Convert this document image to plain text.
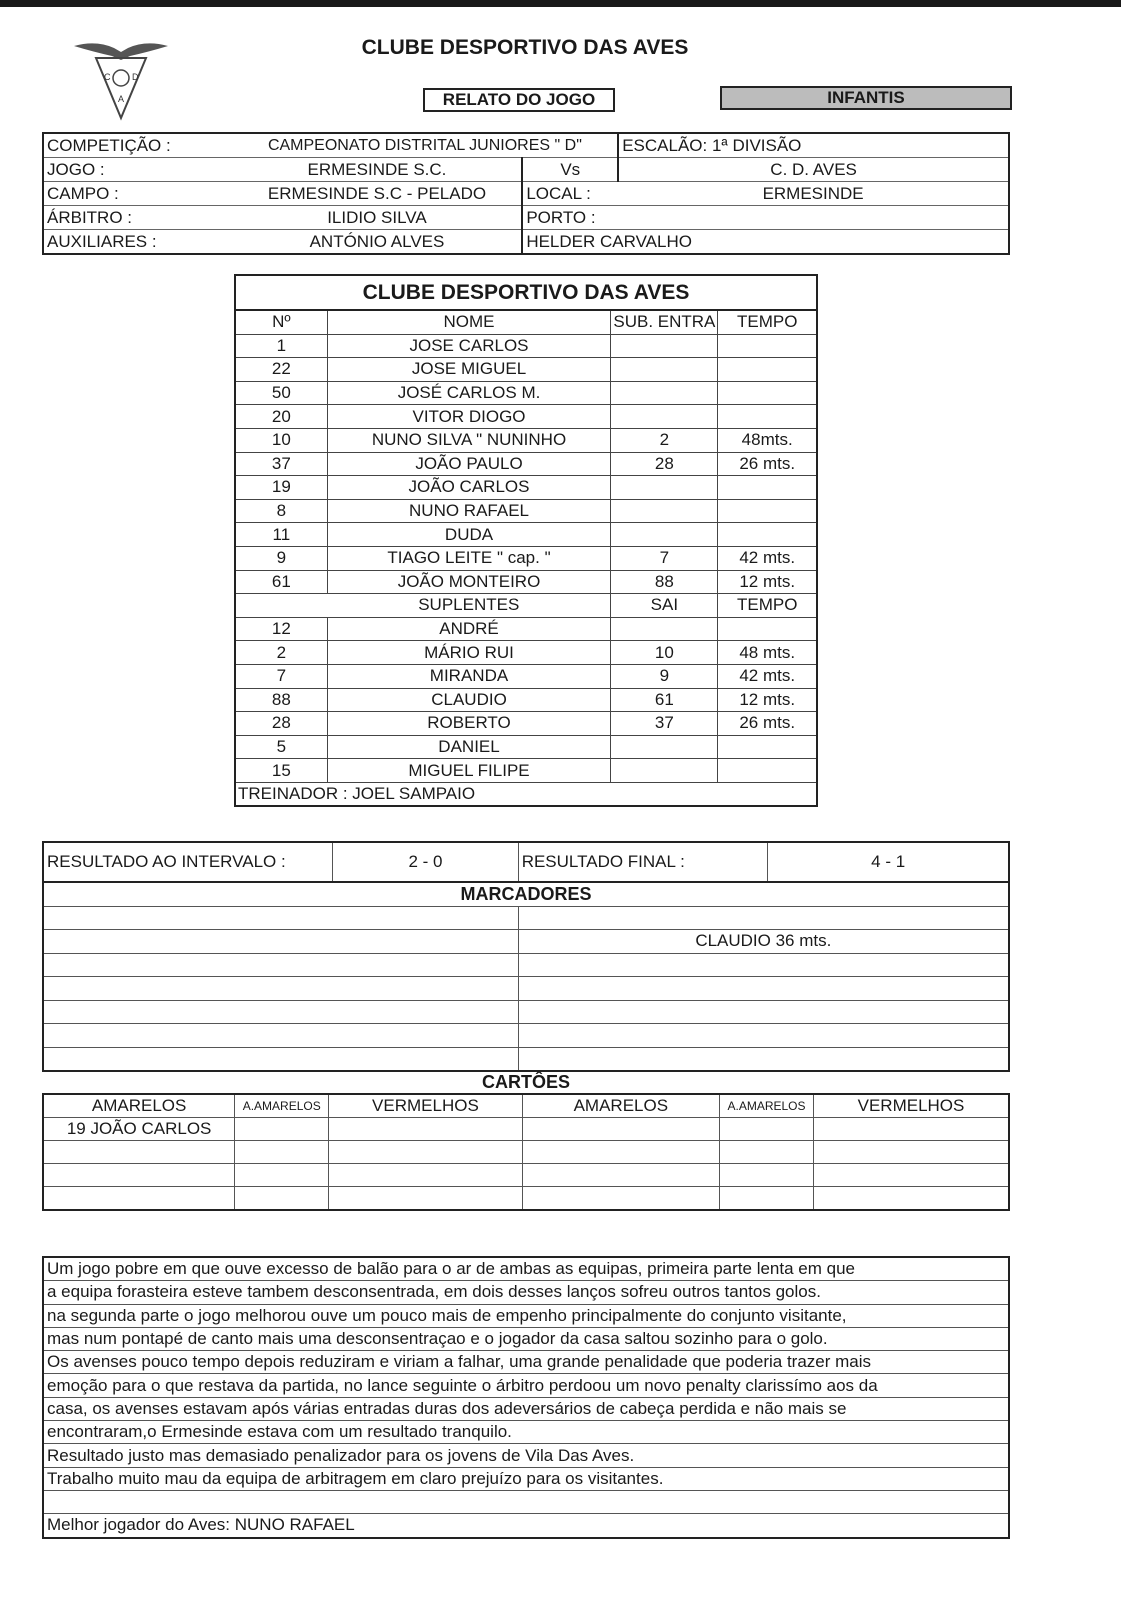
C D
A
CLUBE DESPORTIVO DAS AVES
RELATO DO JOGO	INFANTIS
COMPETIÇÃO :	CAMPEONATO DISTRITAL JUNIORES " D"		ESCALÃO: 1ª DIVISÃO
JOGO :	ERMESINDE S.C.	Vs	C. D. AVES
CAMPO :	ERMESINDE S.C - PELADO	LOCAL :	ERMESINDE
ÁRBITRO :	ILIDIO SILVA	PORTO :	
AUXILIARES :	ANTÓNIO ALVES	HELDER CARVALHO	
CLUBE DESPORTIVO DAS AVES			
Nº	NOME	SUB. ENTRA	TEMPO
1	JOSE CARLOS		
22	JOSE MIGUEL		
50	JOSÉ CARLOS M.		
20	VITOR DIOGO		
10	NUNO SILVA " NUNINHO	2	48mts.
37	JOÃO PAULO	28	26 mts.
19	JOÃO CARLOS		
8	NUNO RAFAEL		
11	DUDA		
9	TIAGO LEITE " cap. "	7	42 mts.
61	JOÃO MONTEIRO	88	12 mts.
	SUPLENTES	SAI	TEMPO
12	ANDRÉ		
2	MÁRIO RUI	10	48 mts.
7	MIRANDA	9	42 mts.
88	CLAUDIO	61	12 mts.
28	ROBERTO	37	26 mts.
5	DANIEL		
15	MIGUEL FILIPE		
TREINADOR : JOEL SAMPAIO			
RESULTADO AO INTERVALO :	2 - 0	RESULTADO FINAL :	4 - 1
MARCADORES			

		CLAUDIO 36 mts.	

CARTÔES
AMARELOS	A.AMARELOS	VERMELHOS	AMARELOS	A.AMARELOS	VERMELHOS
19 JOÃO CARLOS					

Um jogo pobre em que ouve excesso de balão para o ar de ambas as equipas, primeira parte lenta em que
a equipa forasteira esteve tambem desconsentrada, em dois desses lanços sofreu outros tantos golos.
na segunda parte o jogo melhorou ouve um pouco mais de empenho principalmente do conjunto visitante,
mas num pontapé de canto mais uma desconsentraçao e o jogador da casa saltou sozinho para o golo.
Os avenses pouco tempo depois reduziram e viriam a falhar, uma grande penalidade que poderia trazer mais
emoção para o que restava da partida, no lance seguinte o árbitro perdoou um novo penalty clarissímo aos da
casa, os avenses estavam após várias entradas duras dos adeversários de cabeça perdida e não mais se
encontraram,o Ermesinde estava com um resultado tranquilo.
Resultado justo mas demasiado penalizador para os jovens de Vila Das Aves.
Trabalho muito mau da equipa de arbitragem em claro prejuízo para os visitantes.

Melhor jogador do Aves: NUNO RAFAEL
